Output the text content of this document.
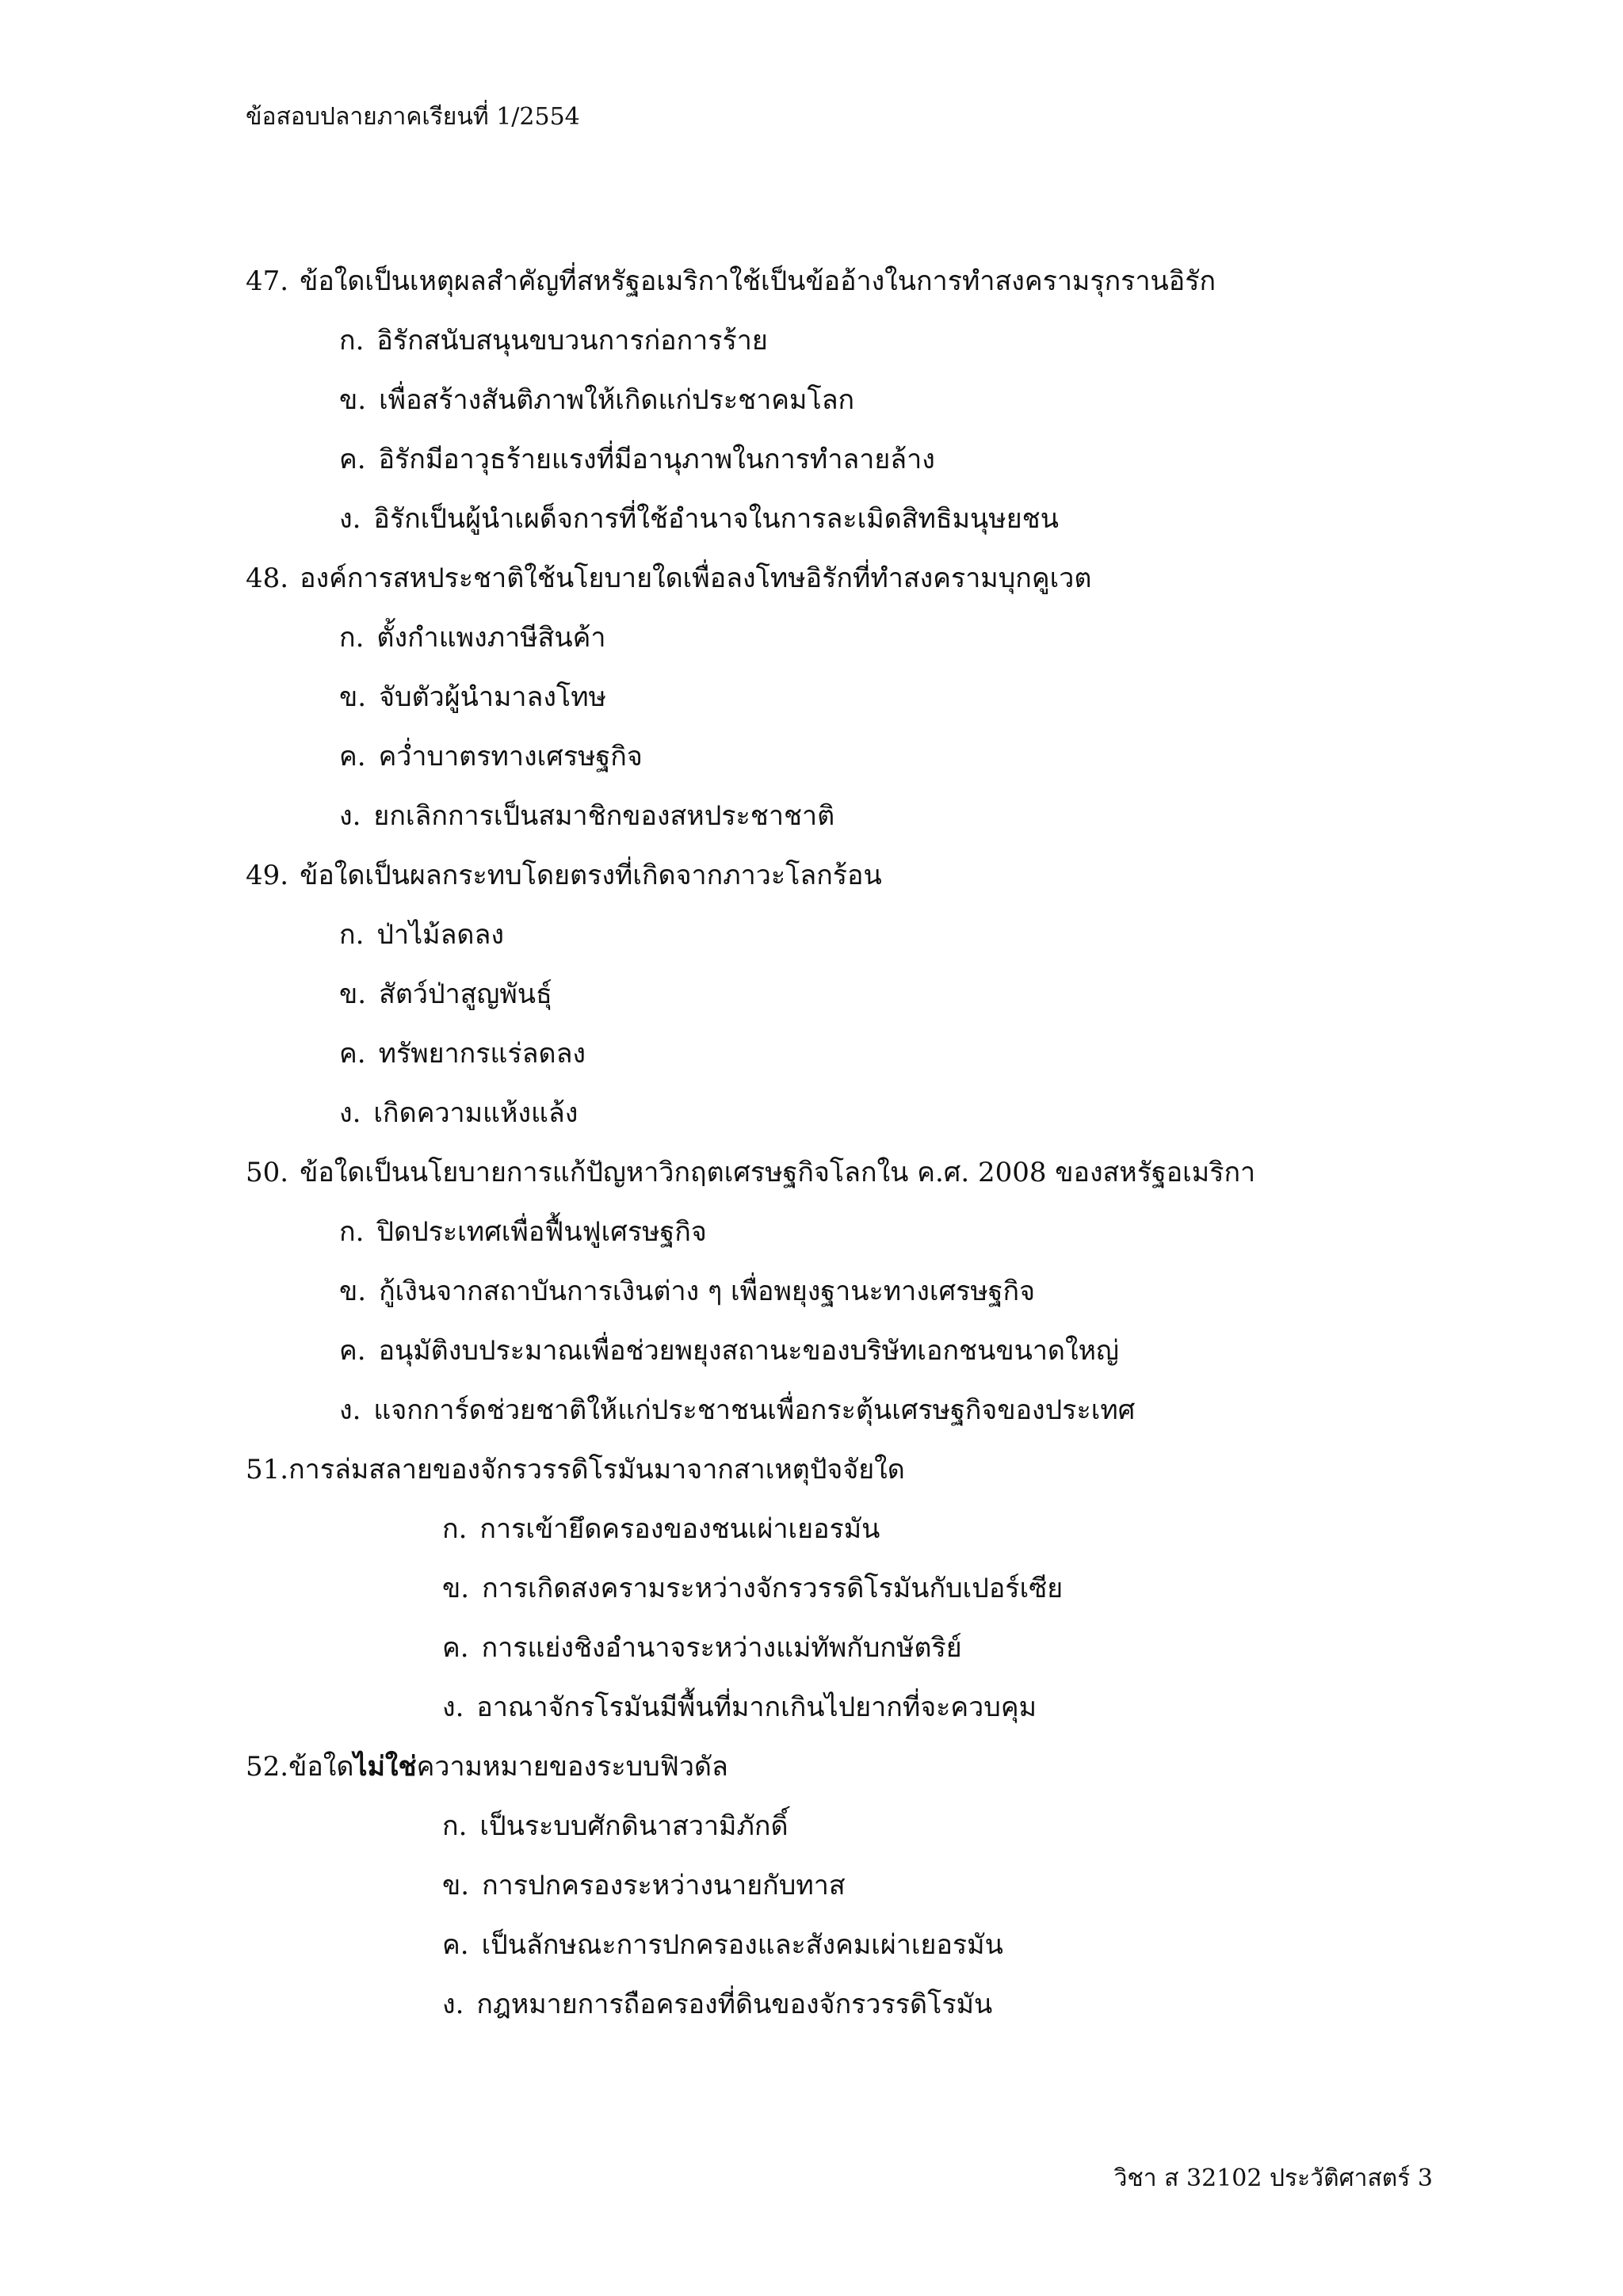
ข้อสอบปลายภาคเรียนที่ 1/2554
47. ข้อใดเป็นเหตุผลสำคัญที่สหรัฐอเมริกาใช้เป็นข้ออ้างในการทำสงครามรุกรานอิรัก
ก. อิรักสนับสนุนขบวนการก่อการร้าย
ข. เพื่อสร้างสันติภาพให้เกิดแก่ประชาคมโลก
ค. อิรักมีอาวุธร้ายแรงที่มีอานุภาพในการทำลายล้าง
ง. อิรักเป็นผู้นำเผด็จการที่ใช้อำนาจในการละเมิดสิทธิมนุษยชน
48. องค์การสหประชาติใช้นโยบายใดเพื่อลงโทษอิรักที่ทำสงครามบุกคูเวต
ก. ตั้งกำแพงภาษีสินค้า
ข. จับตัวผู้นำมาลงโทษ
ค. คว่ำบาตรทางเศรษฐกิจ
ง. ยกเลิกการเป็นสมาชิกของสหประชาชาติ
49. ข้อใดเป็นผลกระทบโดยตรงที่เกิดจากภาวะโลกร้อน
ก. ป่าไม้ลดลง
ข. สัตว์ป่าสูญพันธุ์
ค. ทรัพยากรแร่ลดลง
ง. เกิดความแห้งแล้ง
50. ข้อใดเป็นนโยบายการแก้ปัญหาวิกฤตเศรษฐกิจโลกใน ค.ศ. 2008 ของสหรัฐอเมริกา
ก. ปิดประเทศเพื่อฟื้นฟูเศรษฐกิจ
ข. กู้เงินจากสถาบันการเงินต่าง ๆ เพื่อพยุงฐานะทางเศรษฐกิจ
ค. อนุมัติงบประมาณเพื่อช่วยพยุงสถานะของบริษัทเอกชนขนาดใหญ่
ง. แจกการ์ดช่วยชาติให้แก่ประชาชนเพื่อกระตุ้นเศรษฐกิจของประเทศ
51.การล่มสลายของจักรวรรดิโรมันมาจากสาเหตุปัจจัยใด
ก. การเข้ายึดครองของชนเผ่าเยอรมัน
ข. การเกิดสงครามระหว่างจักรวรรดิโรมันกับเปอร์เซีย
ค. การแย่งชิงอำนาจระหว่างแม่ทัพกับกษัตริย์
ง. อาณาจักรโรมันมีพื้นที่มากเกินไปยากที่จะควบคุม
52.ข้อใดไม่ใช่ความหมายของระบบฟิวดัล
ก. เป็นระบบศักดินาสวามิภักดิ์
ข. การปกครองระหว่างนายกับทาส
ค. เป็นลักษณะการปกครองและสังคมเผ่าเยอรมัน
ง. กฎหมายการถือครองที่ดินของจักรวรรดิโรมัน
วิชา ส 32102 ประวัติศาสตร์ 3
